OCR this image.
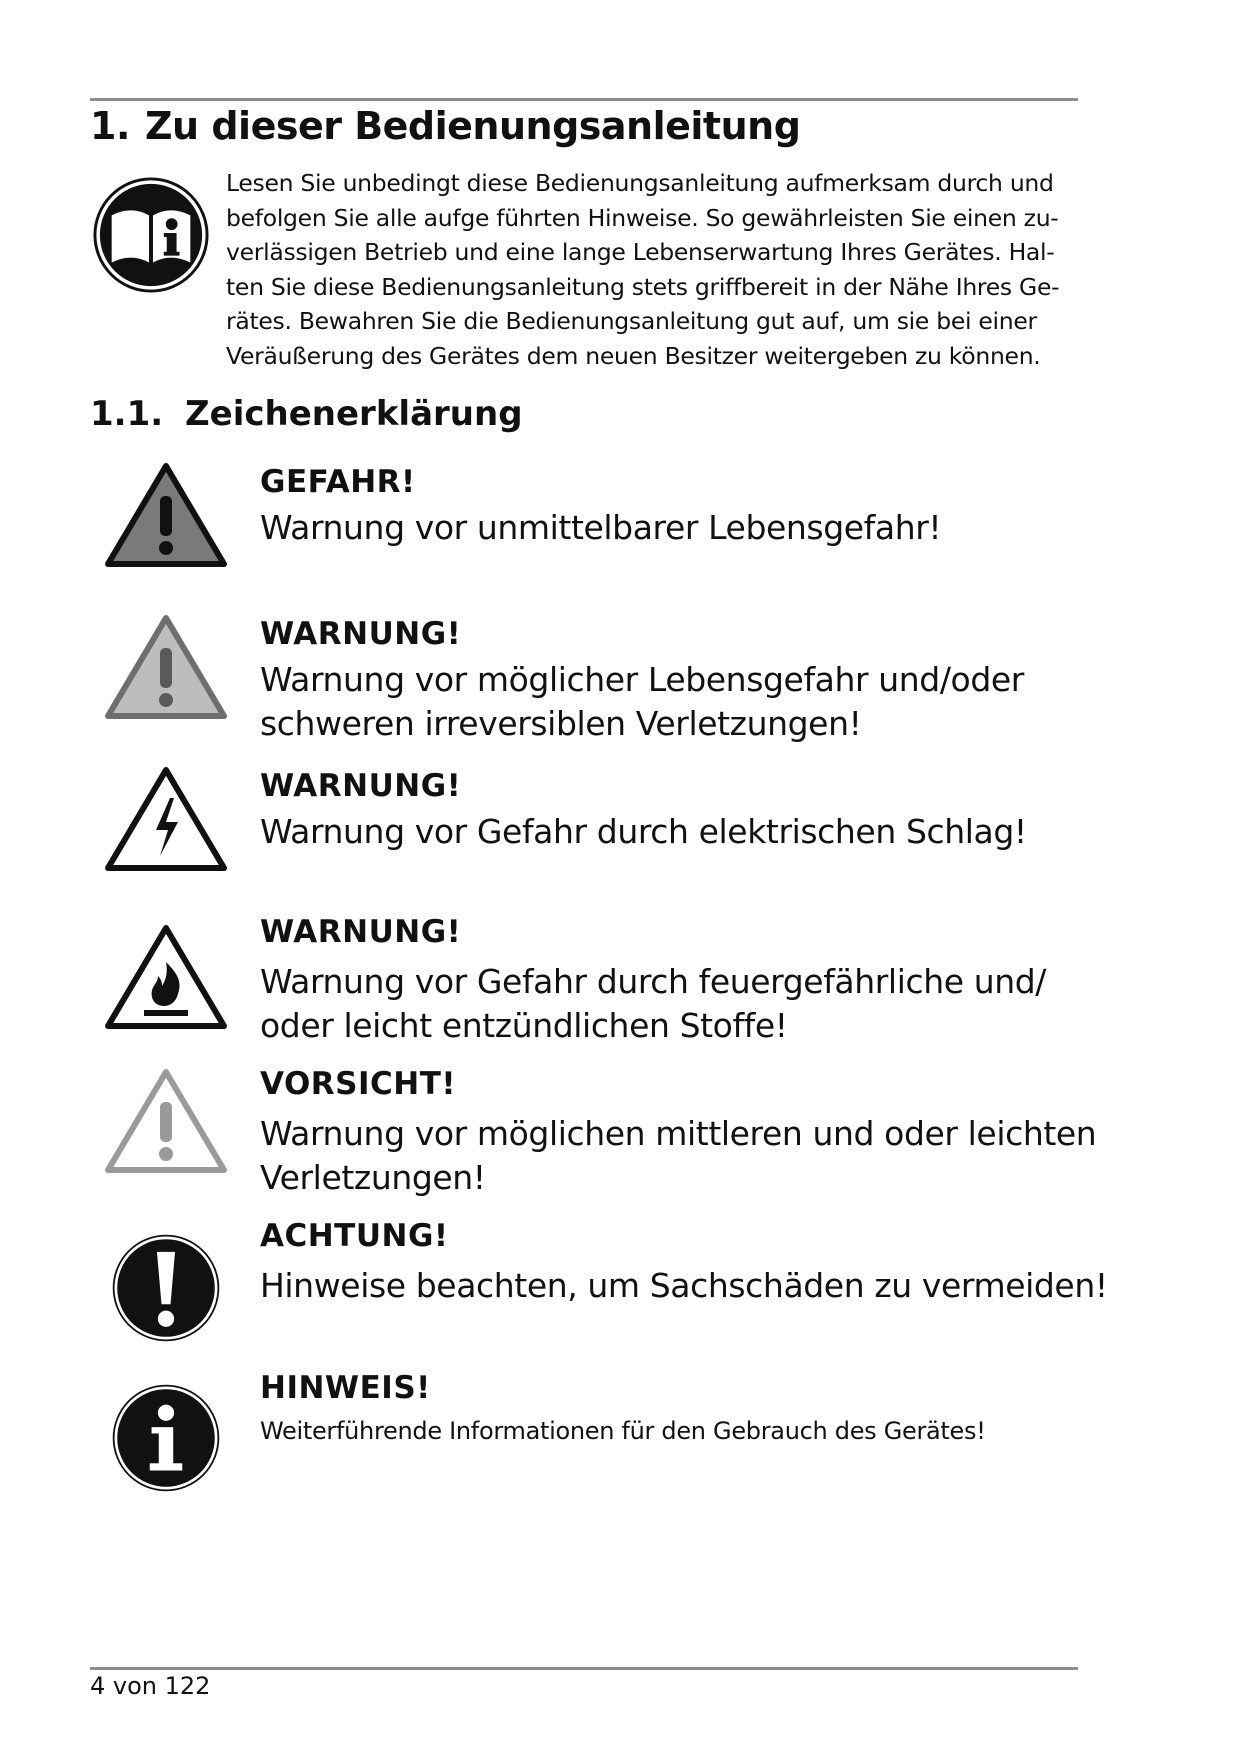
1. Zu dieser Bedienungsanleitung

Lesen Sie unbedingt diese Bedienungsanleitung aufmerksam durch und
befolgen Sie alle aufge führten Hinweise. So gewährleisten Sie einen zu-
verlässigen Betrieb und eine lange Lebenserwartung Ihres Gerätes. Hal-
ten Sie diese Bedienungsanleitung stets griffbereit in der Nähe Ihres Ge-
rätes. Bewahren Sie die Bedienungsanleitung gut auf, um sie bei einer
Veräußerung des Gerätes dem neuen Besitzer weitergeben zu können.

1.1. Zeichenerklärung

GEFAHR!

Warnung vor unmittelbarer Lebensgefahr!

WARNUNG!

Warnung vor möglicher Lebensgefahr und/oder
schweren irreversiblen Verletzungen!

WARNUNG!

Warnung vor Gefahr durch elektrischen Schlag!

WARNUNG!

Warnung vor Gefahr durch feuergefährliche und/
oder leicht entzündlichen Stoffe!

VORSICHT!

Warnung vor möglichen mittleren und oder leichten
Verletzungen!

ACHTUNG!

Hinweise beachten, um Sachschäden zu vermeiden!

HINWEIS!

Weiterführende Informationen für den Gebrauch des Gerätes!

4 von 122
